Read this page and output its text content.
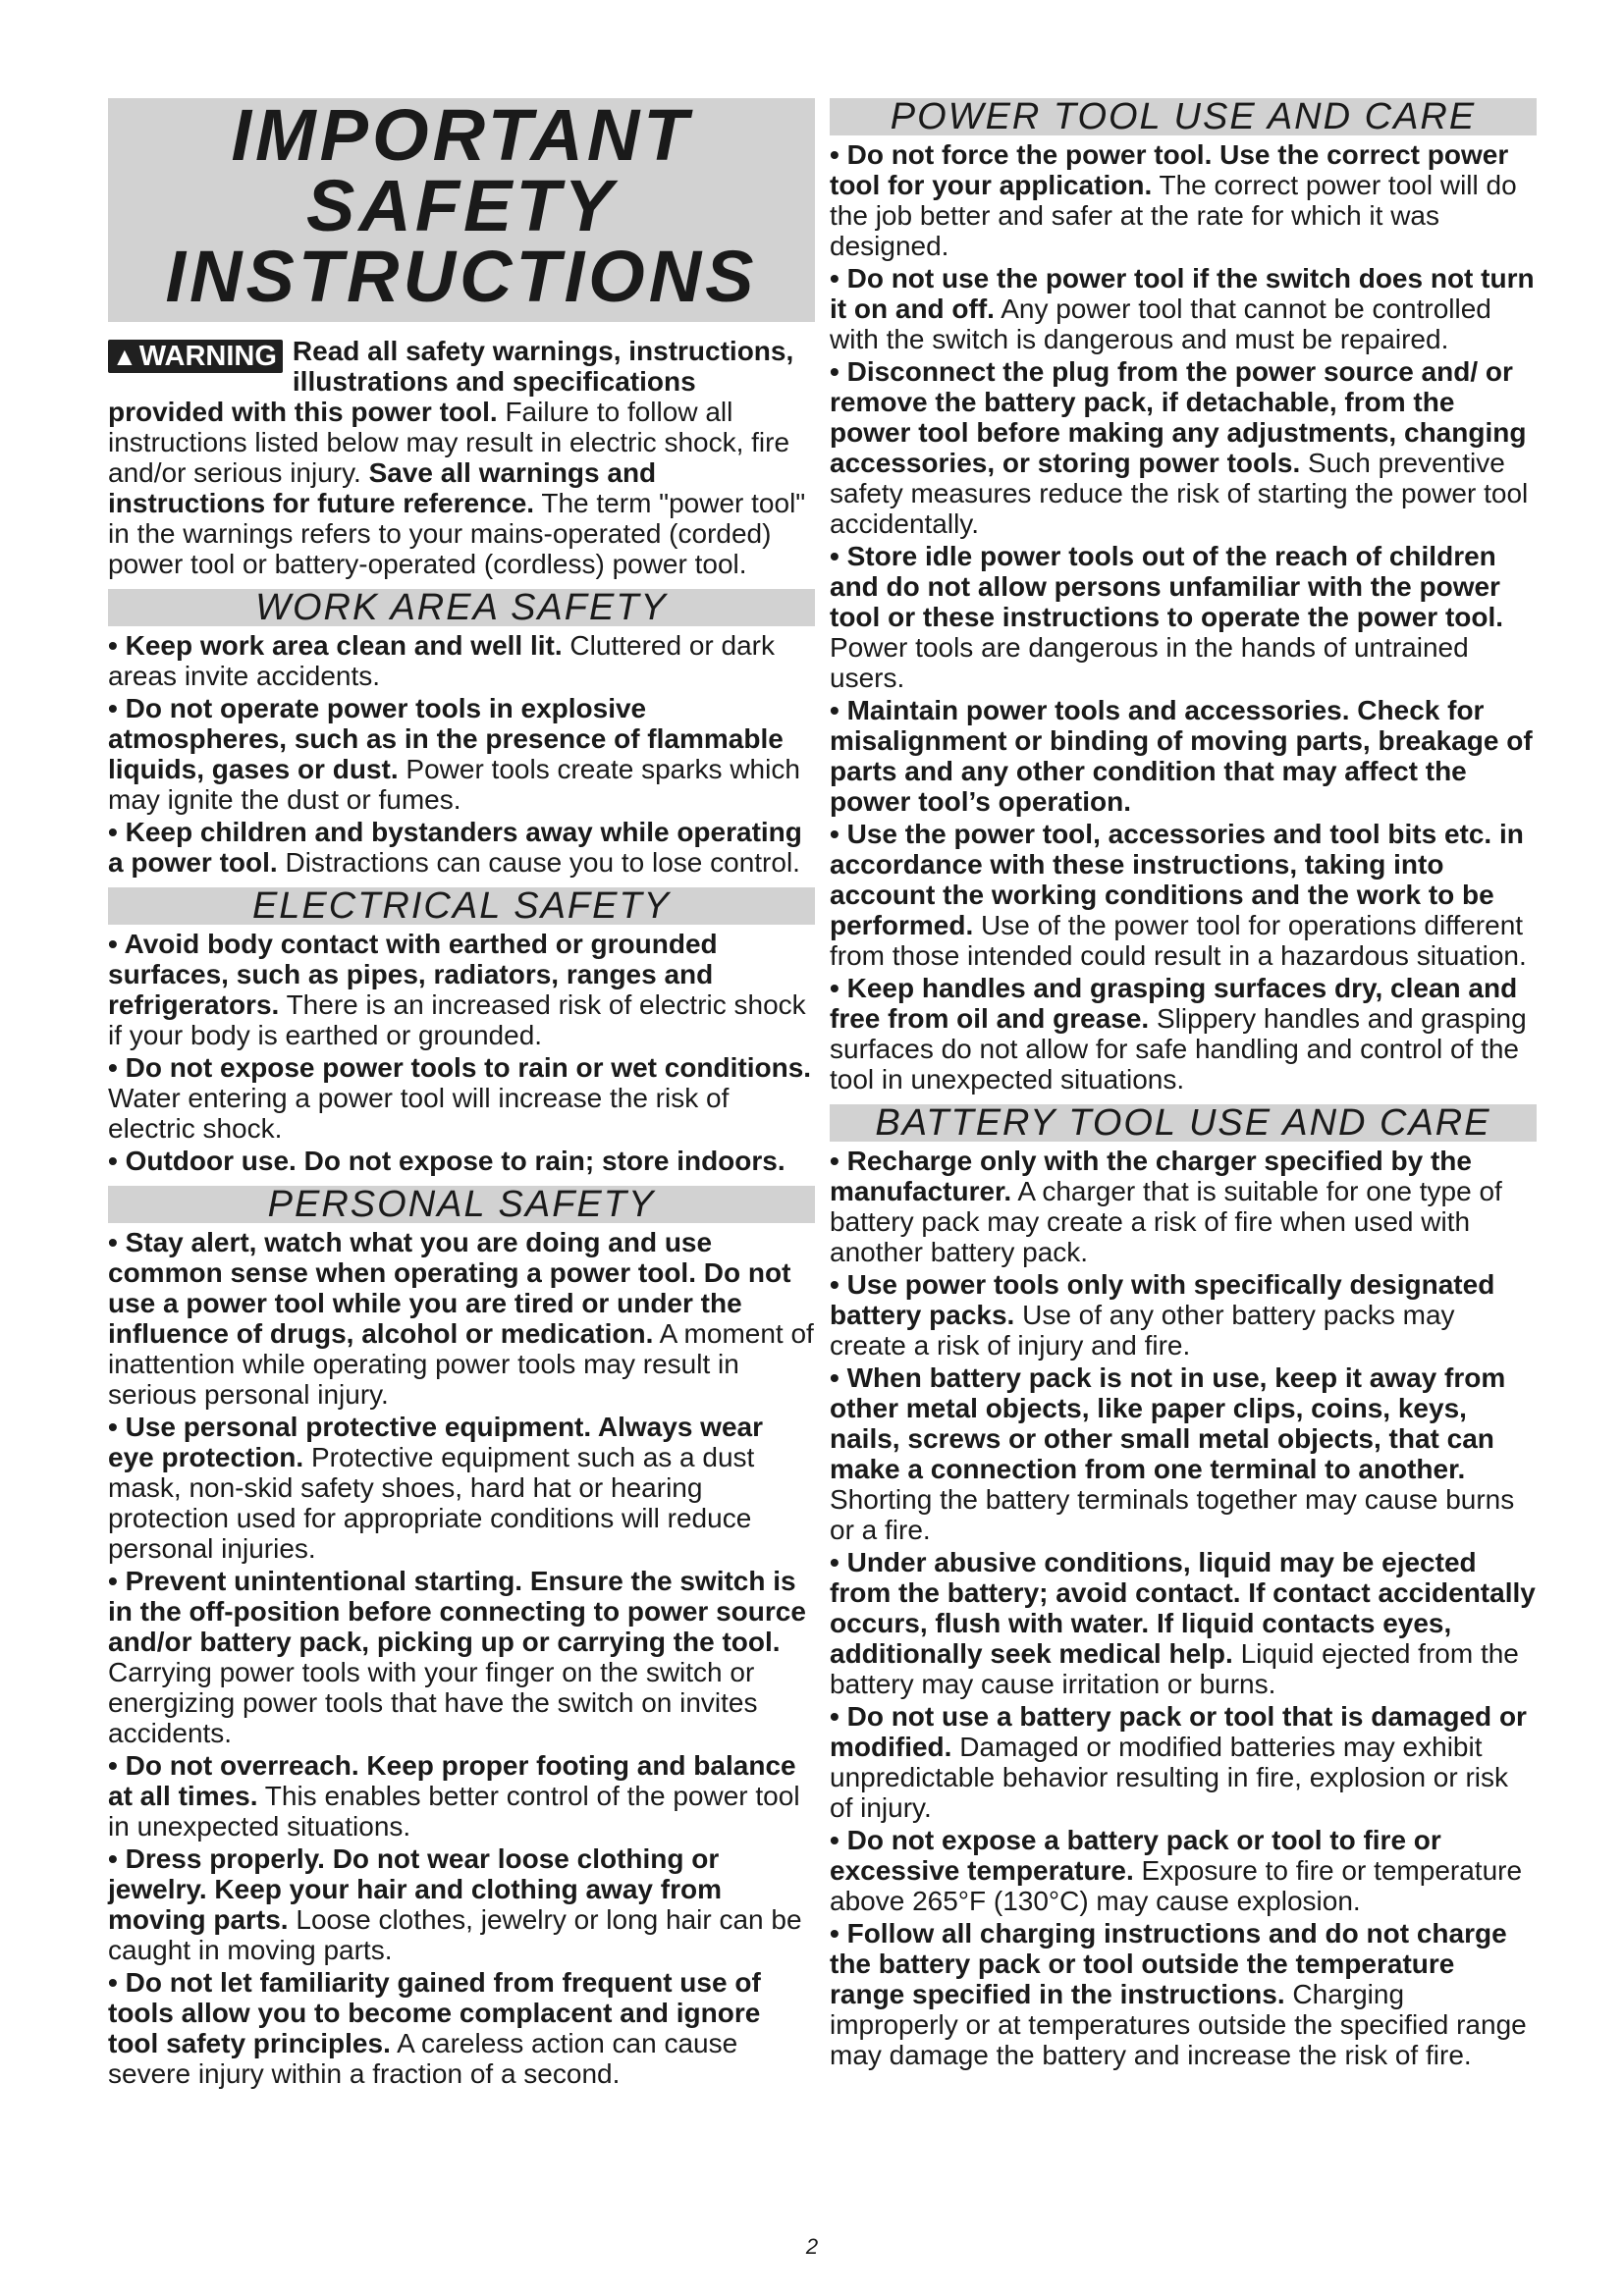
IMPORTANT
SAFETY
INSTRUCTIONS
▲WARNING Read all safety warnings, instructions, illustrations and specifications provided with this power tool. Failure to follow all instructions listed below may result in electric shock, fire and/or serious injury. Save all warnings and instructions for future reference. The term "power tool" in the warnings refers to your mains-operated (corded) power tool or battery-operated (cordless) power tool.
WORK AREA SAFETY

• Keep work area clean and well lit. Cluttered or dark areas invite accidents.

• Do not operate power tools in explosive atmospheres, such as in the presence of flammable liquids, gases or dust. Power tools create sparks which may ignite the dust or fumes.

• Keep children and bystanders away while operating a power tool. Distractions can cause you to lose control.

ELECTRICAL SAFETY

• Avoid body contact with earthed or grounded surfaces, such as pipes, radiators, ranges and refrigerators. There is an increased risk of electric shock if your body is earthed or grounded.

• Do not expose power tools to rain or wet conditions. Water entering a power tool will increase the risk of electric shock.

• Outdoor use. Do not expose to rain; store indoors.

PERSONAL SAFETY

• Stay alert, watch what you are doing and use common sense when operating a power tool. Do not use a power tool while you are tired or under the influence of drugs, alcohol or medication. A moment of inattention while operating power tools may result in serious personal injury.

• Use personal protective equipment. Always wear eye protection. Protective equipment such as a dust mask, non-skid safety shoes, hard hat or hearing protection used for appropriate conditions will reduce personal injuries.

• Prevent unintentional starting. Ensure the switch is in the off-position before connecting to power source and/or battery pack, picking up or carrying the tool. Carrying power tools with your finger on the switch or energizing power tools that have the switch on invites accidents.

• Do not overreach. Keep proper footing and balance at all times. This enables better control of the power tool in unexpected situations.

• Dress properly. Do not wear loose clothing or jewelry. Keep your hair and clothing away from moving parts. Loose clothes, jewelry or long hair can be caught in moving parts.

• Do not let familiarity gained from frequent use of tools allow you to become complacent and ignore tool safety principles. A careless action can cause severe injury within a fraction of a second.

POWER TOOL USE AND CARE

• Do not force the power tool. Use the correct power tool for your application. The correct power tool will do the job better and safer at the rate for which it was designed.

• Do not use the power tool if the switch does not turn it on and off. Any power tool that cannot be controlled with the switch is dangerous and must be repaired.

• Disconnect the plug from the power source and/ or remove the battery pack, if detachable, from the power tool before making any adjustments, changing accessories, or storing power tools. Such preventive safety measures reduce the risk of starting the power tool accidentally.

• Store idle power tools out of the reach of children and do not allow persons unfamiliar with the power tool or these instructions to operate the power tool. Power tools are dangerous in the hands of untrained users.

• Maintain power tools and accessories. Check for misalignment or binding of moving parts, breakage of parts and any other condition that may affect the power tool’s operation.

• Use the power tool, accessories and tool bits etc. in accordance with these instructions, taking into account the working conditions and the work to be performed. Use of the power tool for operations different from those intended could result in a hazardous situation.

• Keep handles and grasping surfaces dry, clean and free from oil and grease. Slippery handles and grasping surfaces do not allow for safe handling and control of the tool in unexpected situations.

BATTERY TOOL USE AND CARE

• Recharge only with the charger specified by the manufacturer. A charger that is suitable for one type of battery pack may create a risk of fire when used with another battery pack.

• Use power tools only with specifically designated battery packs. Use of any other battery packs may create a risk of injury and fire.

• When battery pack is not in use, keep it away from other metal objects, like paper clips, coins, keys, nails, screws or other small metal objects, that can make a connection from one terminal to another. Shorting the battery terminals together may cause burns or a fire.

• Under abusive conditions, liquid may be ejected from the battery; avoid contact. If contact accidentally occurs, flush with water. If liquid contacts eyes, additionally seek medical help. Liquid ejected from the battery may cause irritation or burns.

• Do not use a battery pack or tool that is damaged or modified. Damaged or modified batteries may exhibit unpredictable behavior resulting in fire, explosion or risk of injury.

• Do not expose a battery pack or tool to fire or excessive temperature. Exposure to fire or temperature above 265°F (130°C) may cause explosion.

• Follow all charging instructions and do not charge the battery pack or tool outside the temperature range specified in the instructions. Charging improperly or at temperatures outside the specified range may damage the battery and increase the risk of fire.

2
